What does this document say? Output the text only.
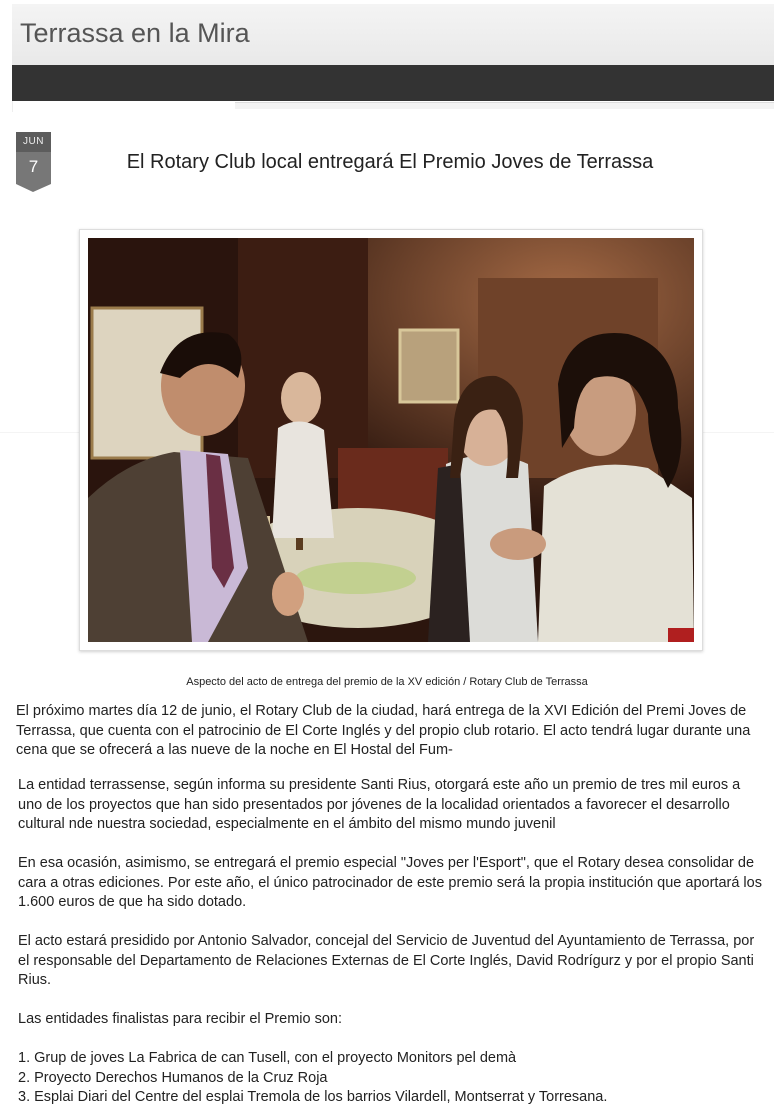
Terrassa en la Mira
JUN
7	El Rotary Club local entregará El Premio Joves de Terrassa
Aspecto del acto de entrega del premio de la XV edición / Rotary Club de Terrassa

El próximo martes día 12 de junio, el Rotary Club de la ciudad, hará entrega de la XVI Edición del Premi Joves de Terrassa, que cuenta con el patrocinio de El Corte Inglés y del propio club rotario. El acto tendrá lugar durante una cena que se ofrecerá a las nueve de la noche en El Hostal del Fum-

La entidad terrassense, según informa su presidente Santi Rius, otorgará este año un premio de tres mil euros a uno de los proyectos que han sido presentados por jóvenes de la localidad orientados a favorecer el desarrollo cultural nde nuestra sociedad, especialmente en el ámbito del mismo mundo juvenil

En esa ocasión, asimismo, se entregará el premio especial "Joves per l'Esport", que el Rotary desea consolidar de cara a otras ediciones. Por este año, el único patrocinador de este premio será la propia institución que aportará los 1.600 euros de que ha sido dotado.

El acto estará presidido por Antonio Salvador, concejal del Servicio de Juventud del Ayuntamiento de Terrassa, por el responsable del Departamento de Relaciones Externas de El Corte Inglés, David Rodrígurz y por el propio Santi Rius.

Las entidades finalistas para recibir el Premio son:

1. Grup de joves La Fabrica de can Tusell, con el proyecto Monitors pel demà
2. Proyecto Derechos Humanos de la Cruz Roja
3. Esplai Diari del Centre del esplai Tremola de los barrios Vilardell, Montserrat y Torresana.
